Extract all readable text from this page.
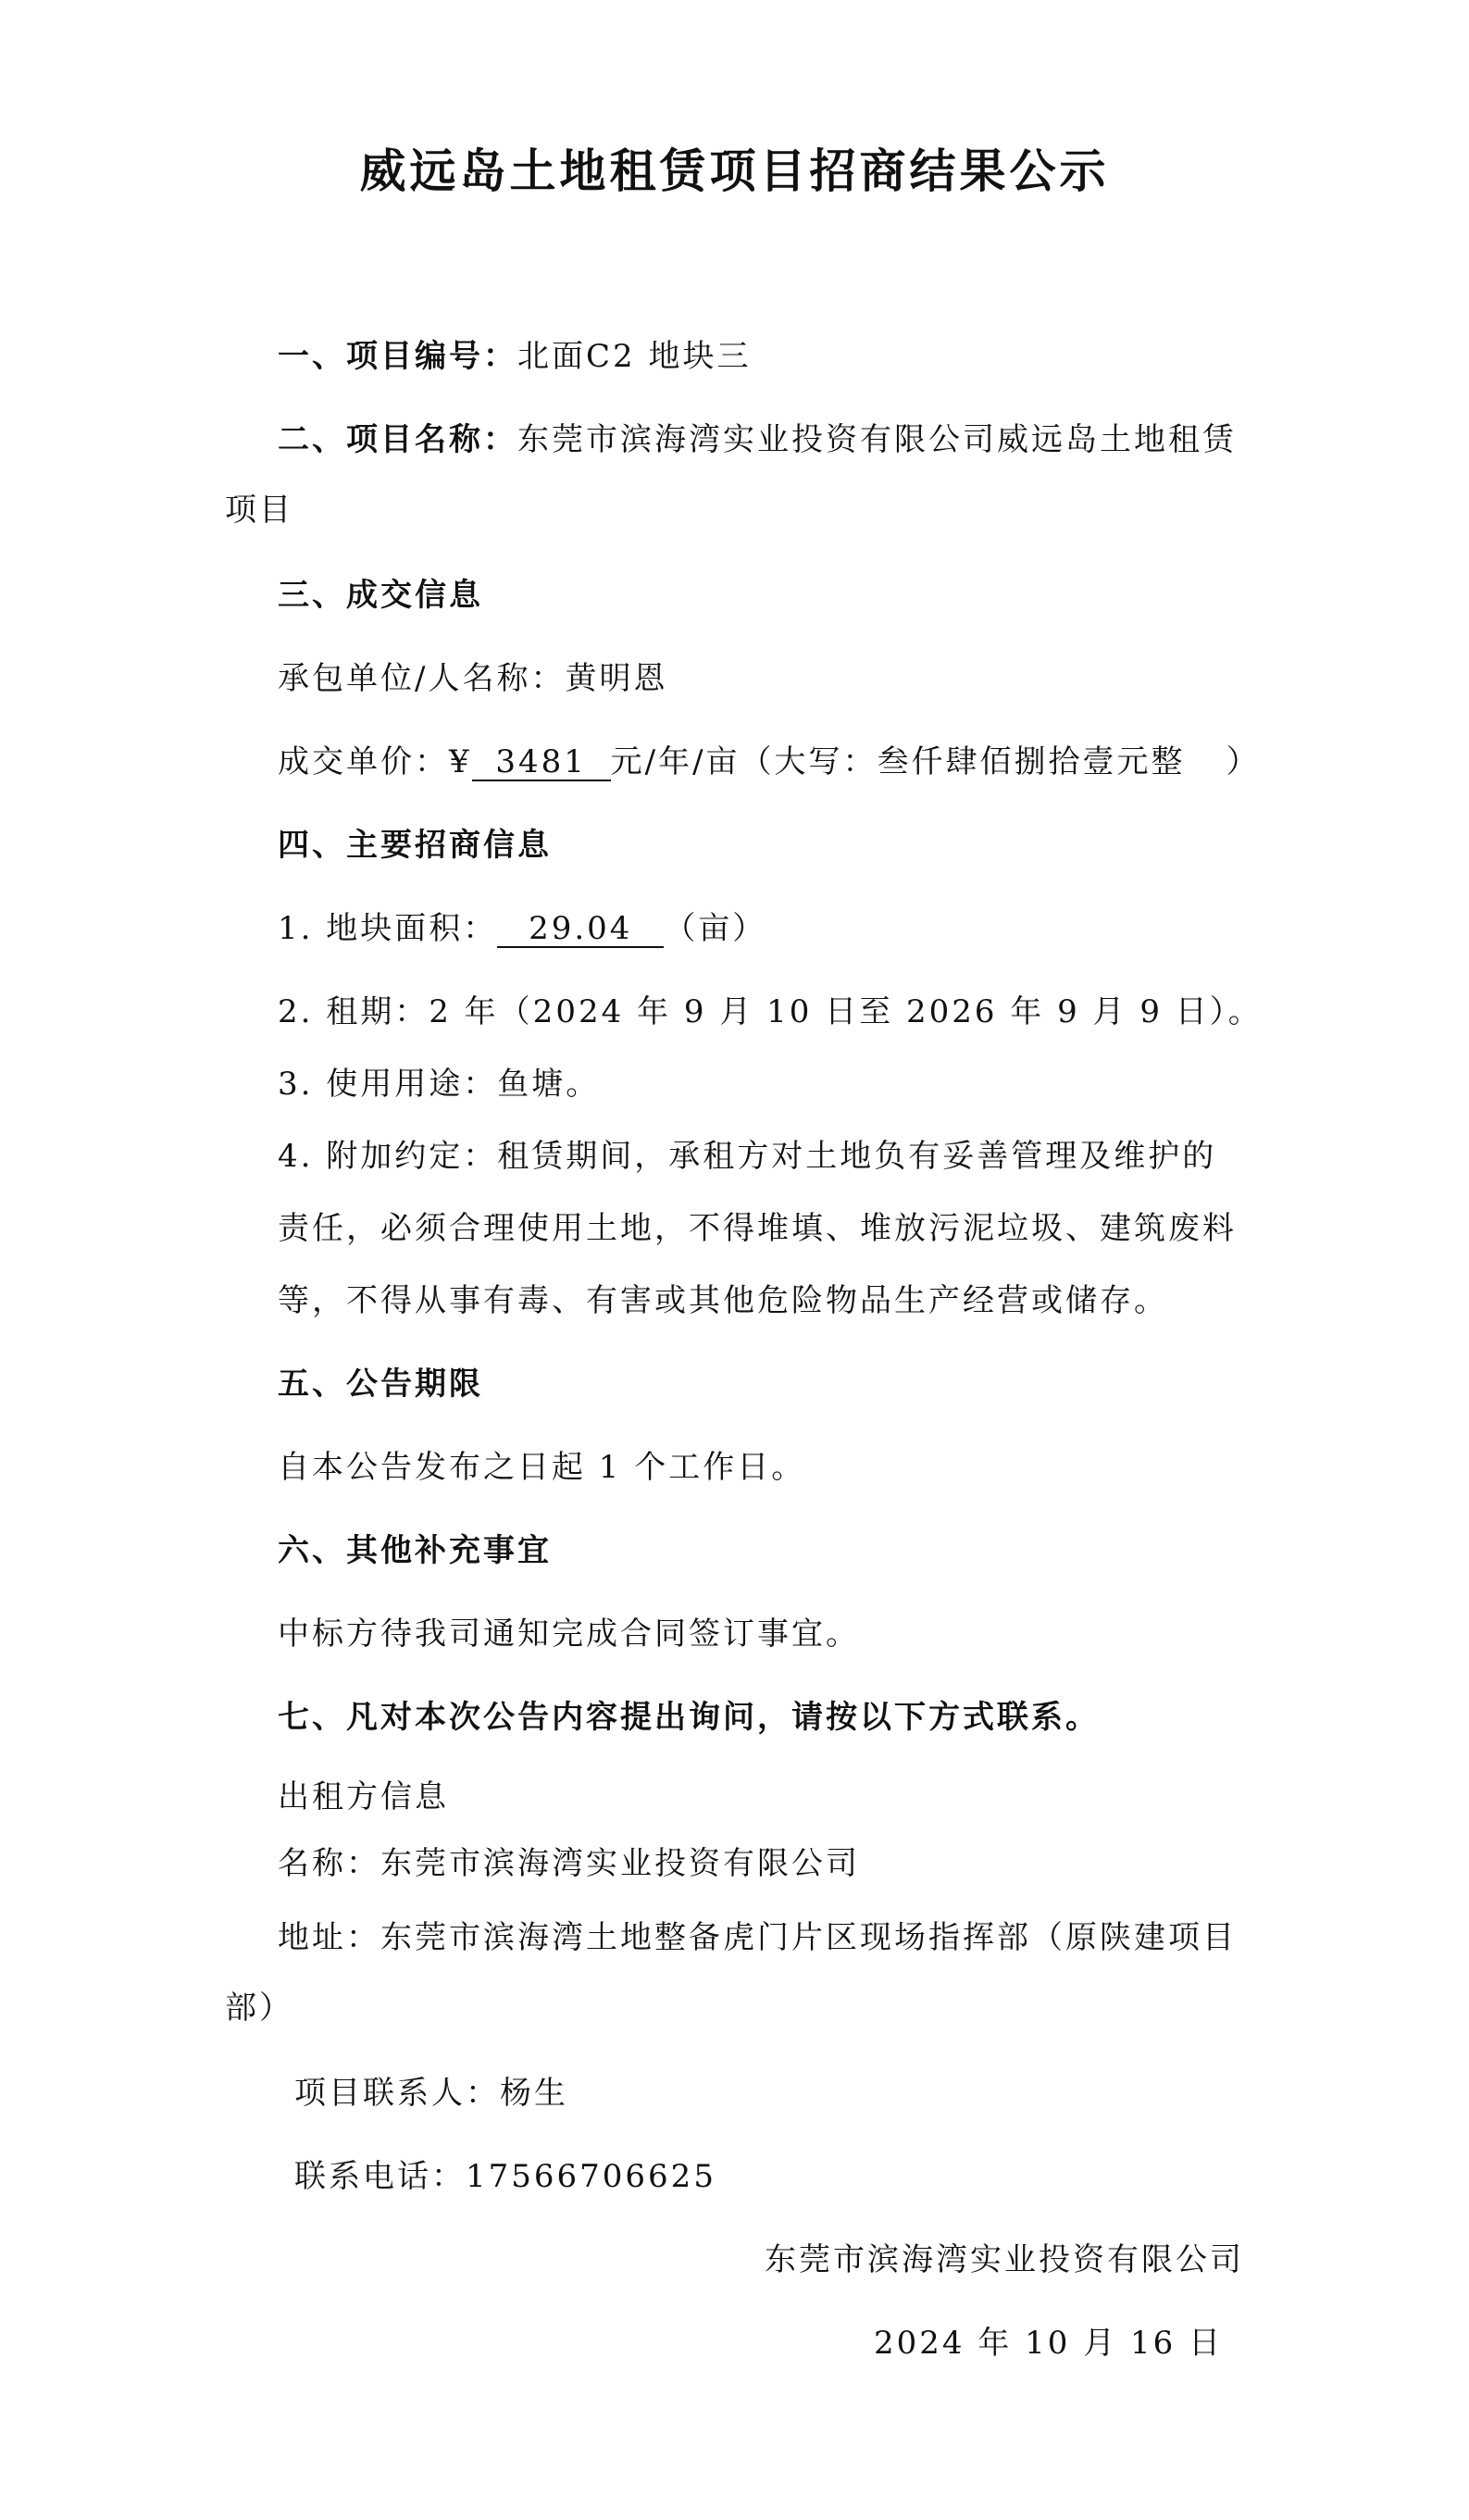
威远岛土地租赁项目招商结果公示
一、项目编号：北面C2 地块三
二、项目名称：东莞市滨海湾实业投资有限公司威远岛土地租赁
项目
三、成交信息
承包单位/人名称：黄明恩
成交单价：¥ 3481 元/年/亩（大写：叁仟肆佰捌拾壹元整 ）
四、主要招商信息
1. 地块面积： 29.04 （亩）
2. 租期：2 年（2024 年 9 月 10 日至 2026 年 9 月 9 日）。
3. 使用用途：鱼塘。
4. 附加约定：租赁期间，承租方对土地负有妥善管理及维护的
责任，必须合理使用土地，不得堆填、堆放污泥垃圾、建筑废料
等，不得从事有毒、有害或其他危险物品生产经营或储存。
五、公告期限
自本公告发布之日起 1 个工作日。
六、其他补充事宜
中标方待我司通知完成合同签订事宜。
七、凡对本次公告内容提出询问，请按以下方式联系。
出租方信息
名称：东莞市滨海湾实业投资有限公司
地址：东莞市滨海湾土地整备虎门片区现场指挥部（原陕建项目
部）
项目联系人：杨生
联系电话：17566706625
东莞市滨海湾实业投资有限公司
2024 年 10 月 16 日
